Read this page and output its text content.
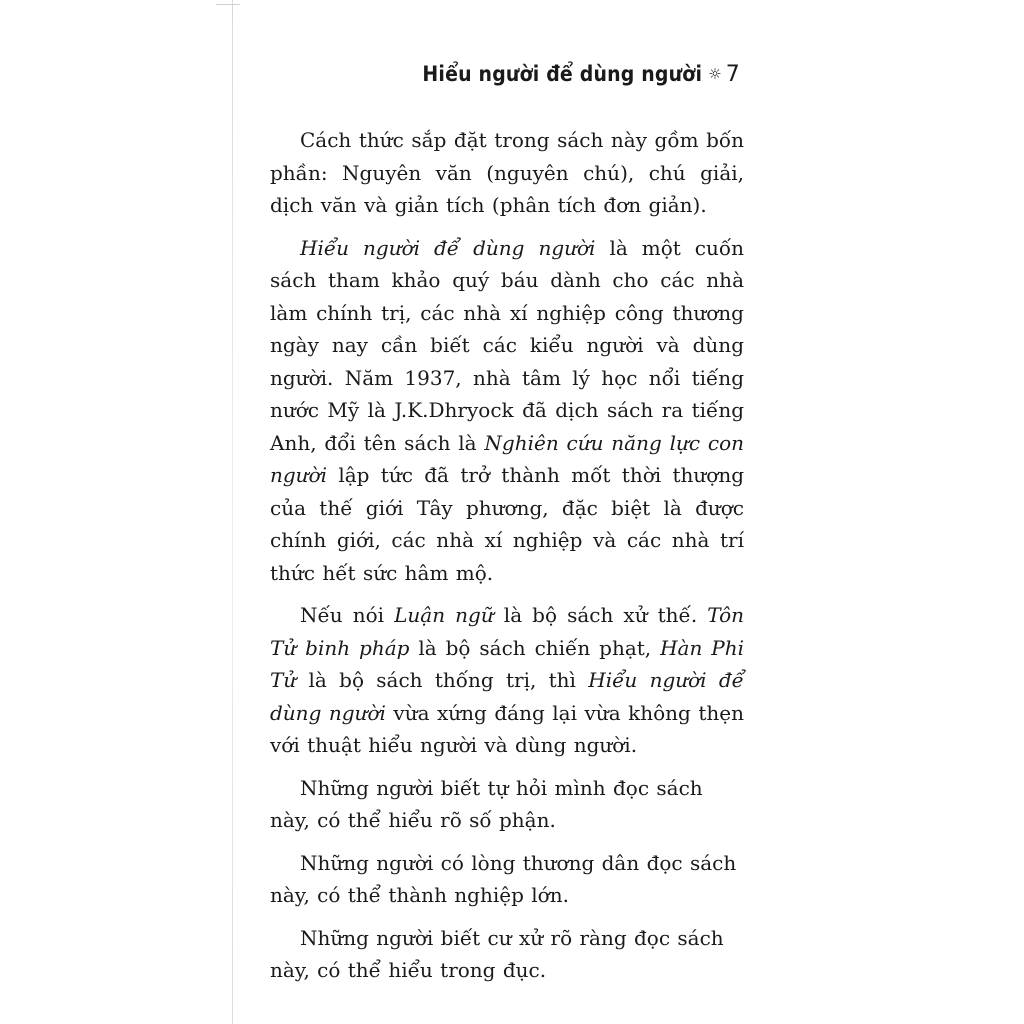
Hiểu người để dùng người ☼ 7

Cách thức sắp đặt trong sách này gồm bốn phần: Nguyên văn (nguyên chú), chú giải, dịch văn và giản tích (phân tích đơn giản).

Hiểu người để dùng người là một cuốn sách tham khảo quý báu dành cho các nhà làm chính trị, các nhà xí nghiệp công thương ngày nay cần biết các kiểu người và dùng người. Năm 1937, nhà tâm lý học nổi tiếng nước Mỹ là J.K.Dhryock đã dịch sách ra tiếng Anh, đổi tên sách là Nghiên cứu năng lực con người lập tức đã trở thành mốt thời thượng của thế giới Tây phương, đặc biệt là được chính giới, các nhà xí nghiệp và các nhà trí thức hết sức hâm mộ.

Nếu nói Luận ngữ là bộ sách xử thế. Tôn Tử binh pháp là bộ sách chiến phạt, Hàn Phi Tử là bộ sách thống trị, thì Hiểu người để dùng người vừa xứng đáng lại vừa không thẹn với thuật hiểu người và dùng người.

Những người biết tự hỏi mình đọc sách này, có thể hiểu rõ số phận.

Những người có lòng thương dân đọc sách này, có thể thành nghiệp lớn.

Những người biết cư xử rõ ràng đọc sách này, có thể hiểu trong đục.
